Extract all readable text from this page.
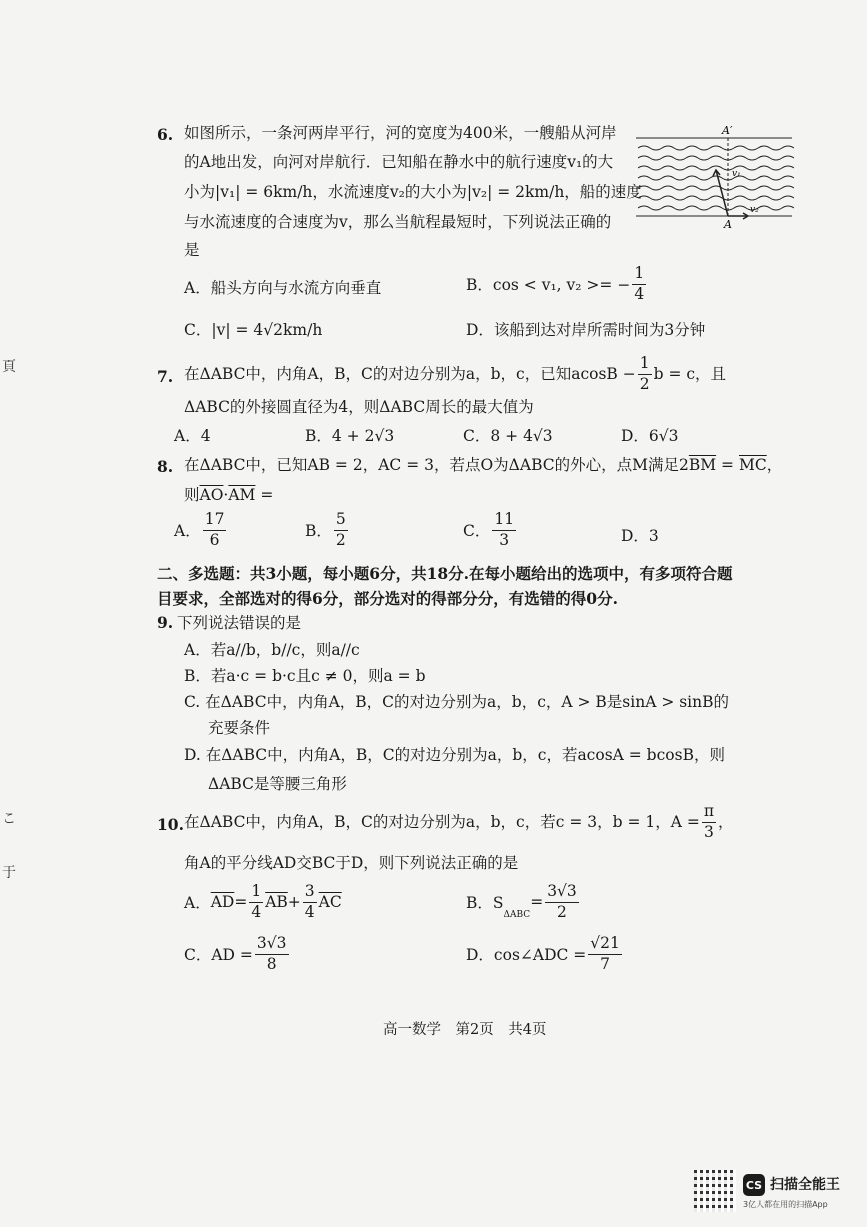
頁
こ
于
6. 如图所示，一条河两岸平行，河的宽度为400米，一艘船从河岸
的A地出发，向河对岸航行．已知船在静水中的航行速度v₁的大
小为|v₁| = 6km/h，水流速度v₂的大小为|v₂| = 2km/h，船的速度
与水流速度的合速度为v，那么当航程最短时，下列说法正确的
是
A．船头方向与水流方向垂直	B．cos < v₁, v₂ >= − $\frac{1}{4}$
C．|v| = 4√2km/h	D．该船到达对岸所需时间为3分钟
A′
A
v₁
v₂
7. 在ΔABC中，内角A，B，C的对边分别为a，b，c，已知$acosB - \frac{1}{2}$ b = c，且
ΔABC的外接圆直径为4，则ΔABC周长的最大值为
A．4	B．4 + 2√3	C．8 + 4√3	D．6√3
8. 在ΔABC中，已知AB = 2，AC = 3，若点O为ΔABC的外心，点M满足$2\overline{BM} = \overline{MC}$，
则$\overline{AO}\cdot\overline{AM}$ =
A． $\frac{17}{6}$	B． $\frac{5}{2}$	C． $\frac{11}{3}$	D．3
二、多选题：共3小题，每小题6分，共18分.在每小题给出的选项中，有多项符合题
目要求，全部选对的得6分，部分选对的得部分分，有选错的得0分.
9. 下列说法错误的是
A．若a//b，b//c，则a//c
B．若a·c = b·c且c ≠ 0，则a = b
C. 在ΔABC中，内角A，B，C的对边分别为a，b，c，A > B是sinA > sinB的
充要条件
D. 在ΔABC中，内角A，B，C的对边分别为a，b，c，若acosA = bcosB，则
ΔABC是等腰三角形
10. 在ΔABC中，内角A，B，C的对边分别为a，b，c，若c = 3，b = 1，$A = \frac{\pi}{3}$ ，
角A的平分线AD交BC于D，则下列说法正确的是
A． $\overline{AD} = \frac{1}{4} \overline{AB} + \frac{3}{4} \overline{AC}$	B．S
$_{\Delta ABC}$
= $\frac{3√3}{2}$
C．AD = $\frac{3√3}{8}$	D．cos∠ADC = $\frac{√21}{7}$
高一数学　第2页　共4页
CS 扫描全能王
3亿人都在用的扫描App
